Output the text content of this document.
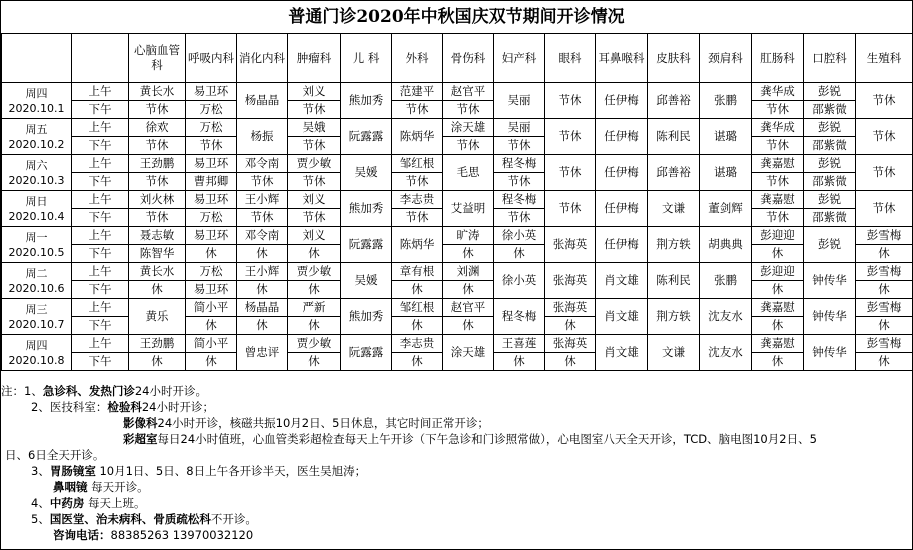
普通门诊2020年中秋国庆双节期间开诊情况
		心脑血管科	呼吸内科	消化内科	肿瘤科	儿 科	外科	骨伤科	妇产科	眼科	耳鼻喉科	皮肤科	颈肩科	肛肠科	口腔科	生殖科

周四
2020.10.1	上午	黄长水	易卫环	杨晶晶	刘义	熊加秀	范建平	赵官平	吴丽	节休	任伊梅	邱善裕	张鹏	龚华成	彭锐	节休
	下午	节休	万松		节休		节休	节休						节休	邵紫微	

周五
2020.10.2	上午	徐欢	万松	杨振	吴娥	阮露露	陈炳华	涂天雄	吴丽	节休	任伊梅	陈利民	谌璐	龚华成	彭锐	节休
	下午	节休	节休		节休			节休	节休					节休	邵紫微	

周六
2020.10.3	上午	王劲鹏	易卫环	邓令南	贾少敏	吴媛	邹红根	毛思	程冬梅	节休	任伊梅	邱善裕	谌璐	龚嘉慰	彭锐	节休
	下午	节休	曹邦卿	节休	节休		节休		节休					节休	邵紫微	

周日
2020.10.4	上午	刘火林	易卫环	王小辉	刘义	熊加秀	李志贵	艾益明	程冬梅	节休	任伊梅	文谦	董剑辉	龚嘉慰	彭锐	节休
	下午	节休	万松	节休	节休		节休		节休					节休	邵紫微	

周一
2020.10.5	上午	聂志敏	易卫环	邓令南	刘义	阮露露	陈炳华	旷涛	徐小英	张海英	任伊梅	荆方轶	胡典典	彭迎迎	彭锐	彭雪梅
	下午	陈智华	休	休	休			休	休					休		休

周二
2020.10.6	上午	黄长水	万松	王小辉	贾少敏	吴媛	章有根	刘渊	徐小英	张海英	肖文雄	陈利民	张鹏	彭迎迎	钟传华	彭雪梅
	下午	休	易卫环	休	休		休	休						休		休

周三
2020.10.7	上午	黄乐	简小平	杨晶晶	严新	熊加秀	邹红根	赵官平	程冬梅	张海英	肖文雄	荆方轶	沈友水	龚嘉慰	钟传华	彭雪梅
	下午		休	休	休		休	休		休				休		休

周四
2020.10.8	上午	王劲鹏	简小平	曾忠评	贾少敏	阮露露	李志贵	涂天雄	王喜莲	张海英	肖文雄	文谦	沈友水	龚嘉慰	钟传华	彭雪梅
	下午	休	休		休		休		休	休				休		休
注：1、急诊科、发热门诊24小时开诊。
2、医技科室：检验科24小时开诊；
影像科24小时开诊，核磁共振10月2日、5日休息，其它时间正常开诊；
彩超室每日24小时值班，心血管类彩超检查每天上午开诊（下午急诊和门诊照常做），心电图室八天全天开诊，TCD、脑电图10月2日、5
日、6日全天开诊。
3、胃肠镜室 10月1日、5日、8日上午各开诊半天，医生吴旭涛；
鼻咽镜 每天开诊。
4、中药房 每天上班。
5、国医堂、治未病科、骨质疏松科不开诊。
咨询电话：88385263 13970032120
